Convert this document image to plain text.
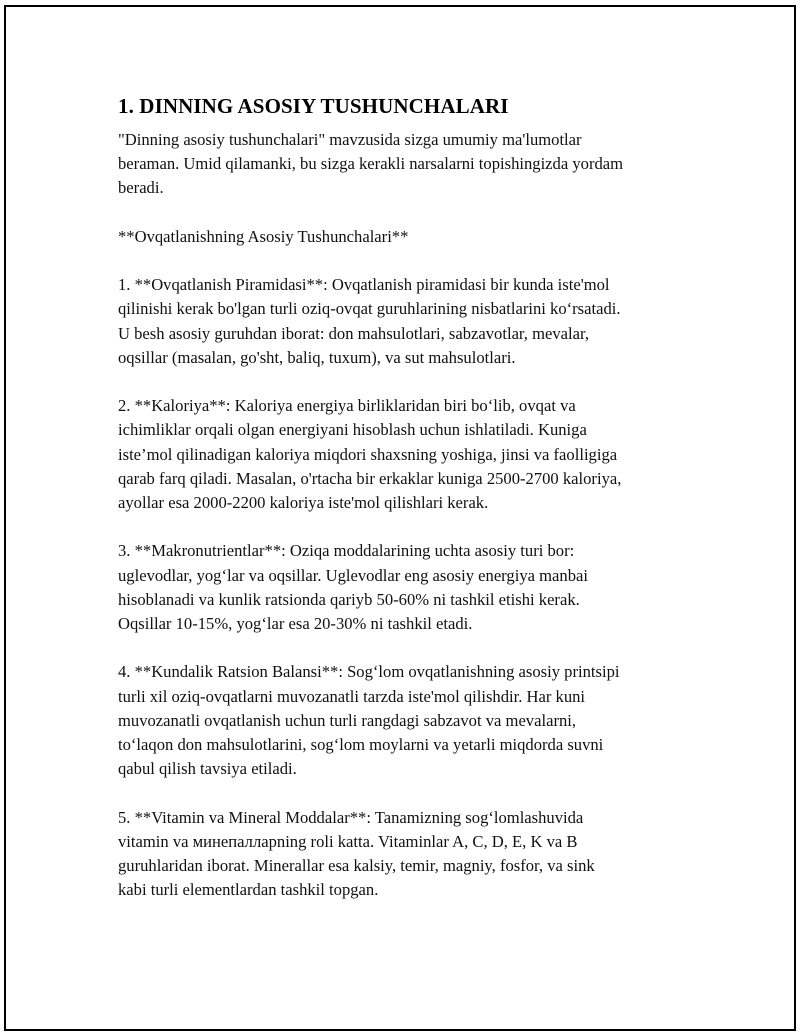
1. DINNING ASOSIY TUSHUNCHALARI

"Dinning asosiy tushunchalari" mavzusida sizga umumiy ma'lumotlar
beraman. Umid qilamanki, bu sizga kerakli narsalarni topishingizda yordam
beradi.

**Ovqatlanishning Asosiy Tushunchalari**

1. **Ovqatlanish Piramidasi**: Ovqatlanish piramidasi bir kunda iste'mol
qilinishi kerak bo'lgan turli oziq-ovqat guruhlarining nisbatlarini ko‘rsatadi.
U besh asosiy guruhdan iborat: don mahsulotlari, sabzavotlar, mevalar,
oqsillar (masalan, go'sht, baliq, tuxum), va sut mahsulotlari.

2. **Kaloriya**: Kaloriya energiya birliklaridan biri bo‘lib, ovqat va
ichimliklar orqali olgan energiyani hisoblash uchun ishlatiladi. Kuniga
iste’mol qilinadigan kaloriya miqdori shaxsning yoshiga, jinsi va faolligiga
qarab farq qiladi. Masalan, o'rtacha bir erkaklar kuniga 2500-2700 kaloriya,
ayollar esa 2000-2200 kaloriya iste'mol qilishlari kerak.

3. **Makronutrientlar**: Oziqa moddalarining uchta asosiy turi bor:
uglevodlar, yog‘lar va oqsillar. Uglevodlar eng asosiy energiya manbai
hisoblanadi va kunlik ratsionda qariyb 50-60% ni tashkil etishi kerak.
Oqsillar 10-15%, yog‘lar esa 20-30% ni tashkil etadi.

4. **Kundalik Ratsion Balansi**: Sog‘lom ovqatlanishning asosiy printsipi
turli xil oziq-ovqatlarni muvozanatli tarzda iste'mol qilishdir. Har kuni
muvozanatli ovqatlanish uchun turli rangdagi sabzavot va mevalarni,
to‘laqon don mahsulotlarini, sog‘lom moylarni va yetarli miqdorda suvni
qabul qilish tavsiya etiladi.

5. **Vitamin va Mineral Moddalar**: Tanamizning sog‘lomlashuvida
vitamin va минепалларning roli katta. Vitaminlar A, C, D, E, K va B
guruhlaridan iborat. Minerallar esa kalsiy, temir, magniy, fosfor, va sink
kabi turli elementlardan tashkil topgan.
